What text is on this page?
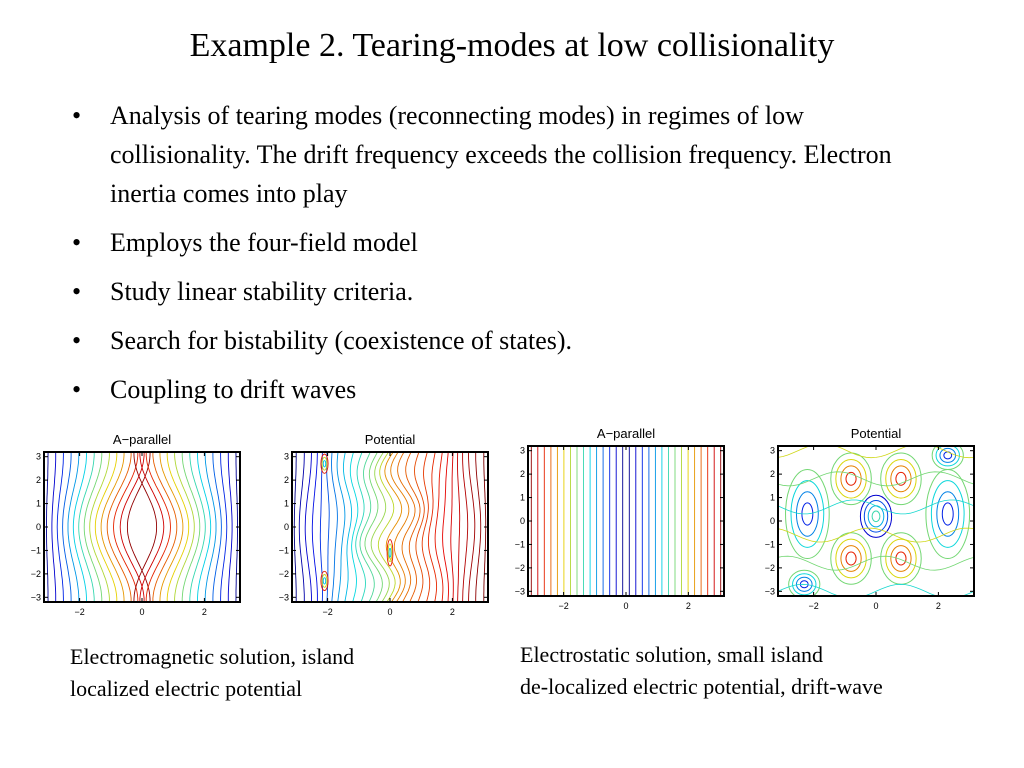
Example 2. Tearing-modes at low collisionality
• Analysis of tearing modes (reconnecting modes) in regimes of low collisionality. The drift frequency exceeds the collision frequency. Electron inertia comes into play
• Employs the four-field model
• Study linear stability criteria.
• Search for bistability (coexistence of states).
• Coupling to drift waves
A−parallel
3
2
1
0
−1
−2
−3
−2	0	2
Potential
3
2
1
0
−1
−2
−3
−2	0	2
A−parallel
3
2
1
0
−1
−2
−3
−2	0	2
Potential
3
2
1
0
−1
−2
−3
−2	0	2
Electromagnetic solution, island
localized electric potential
Electrostatic solution, small island
de-localized electric potential, drift-wave
